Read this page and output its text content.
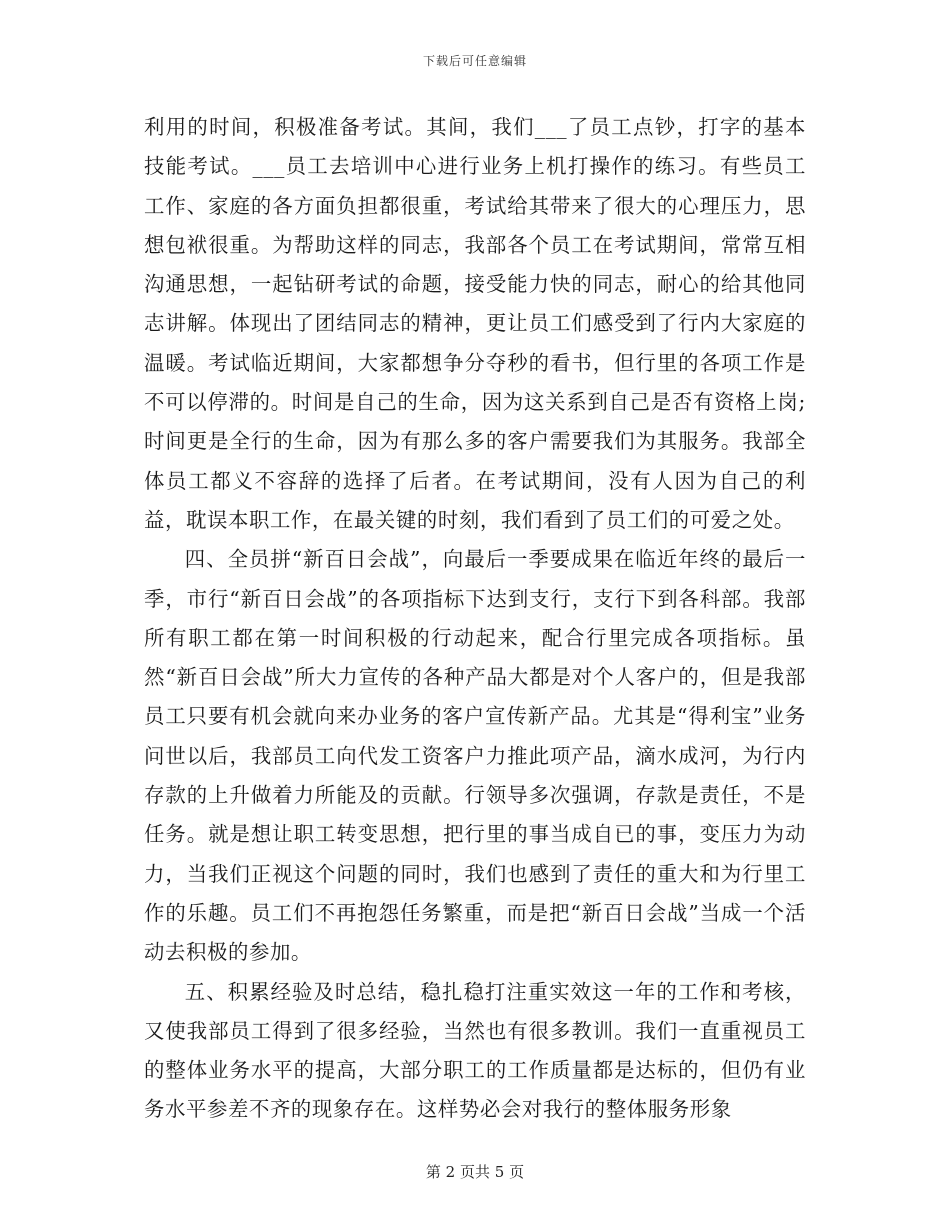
下载后可任意编辑

利用的时间，积极准备考试。其间，我们___了员工点钞，打字的基本技能考试。___员工去培训中心进行业务上机打操作的练习。有些员工工作、家庭的各方面负担都很重，考试给其带来了很大的心理压力，思想包袱很重。为帮助这样的同志，我部各个员工在考试期间，常常互相沟通思想，一起钻研考试的命题，接受能力快的同志，耐心的给其他同志讲解。体现出了团结同志的精神，更让员工们感受到了行内大家庭的温暖。考试临近期间，大家都想争分夺秒的看书，但行里的各项工作是不可以停滞的。时间是自己的生命，因为这关系到自己是否有资格上岗;时间更是全行的生命，因为有那么多的客户需要我们为其服务。我部全体员工都义不容辞的选择了后者。在考试期间，没有人因为自己的利益，耽误本职工作，在最关键的时刻，我们看到了员工们的可爱之处。

四、全员拼“新百日会战”，向最后一季要成果在临近年终的最后一季，市行“新百日会战”的各项指标下达到支行，支行下到各科部。我部所有职工都在第一时间积极的行动起来，配合行里完成各项指标。虽然“新百日会战”所大力宣传的各种产品大都是对个人客户的，但是我部员工只要有机会就向来办业务的客户宣传新产品。尤其是“得利宝”业务问世以后，我部员工向代发工资客户力推此项产品，滴水成河，为行内存款的上升做着力所能及的贡献。行领导多次强调，存款是责任，不是任务。就是想让职工转变思想，把行里的事当成自已的事，变压力为动力，当我们正视这个问题的同时，我们也感到了责任的重大和为行里工作的乐趣。员工们不再抱怨任务繁重，而是把“新百日会战”当成一个活动去积极的参加。

五、积累经验及时总结，稳扎稳打注重实效这一年的工作和考核，又使我部员工得到了很多经验，当然也有很多教训。我们一直重视员工的整体业务水平的提高，大部分职工的工作质量都是达标的，但仍有业务水平参差不齐的现象存在。这样势必会对我行的整体服务形象

第 2 页共 5 页
